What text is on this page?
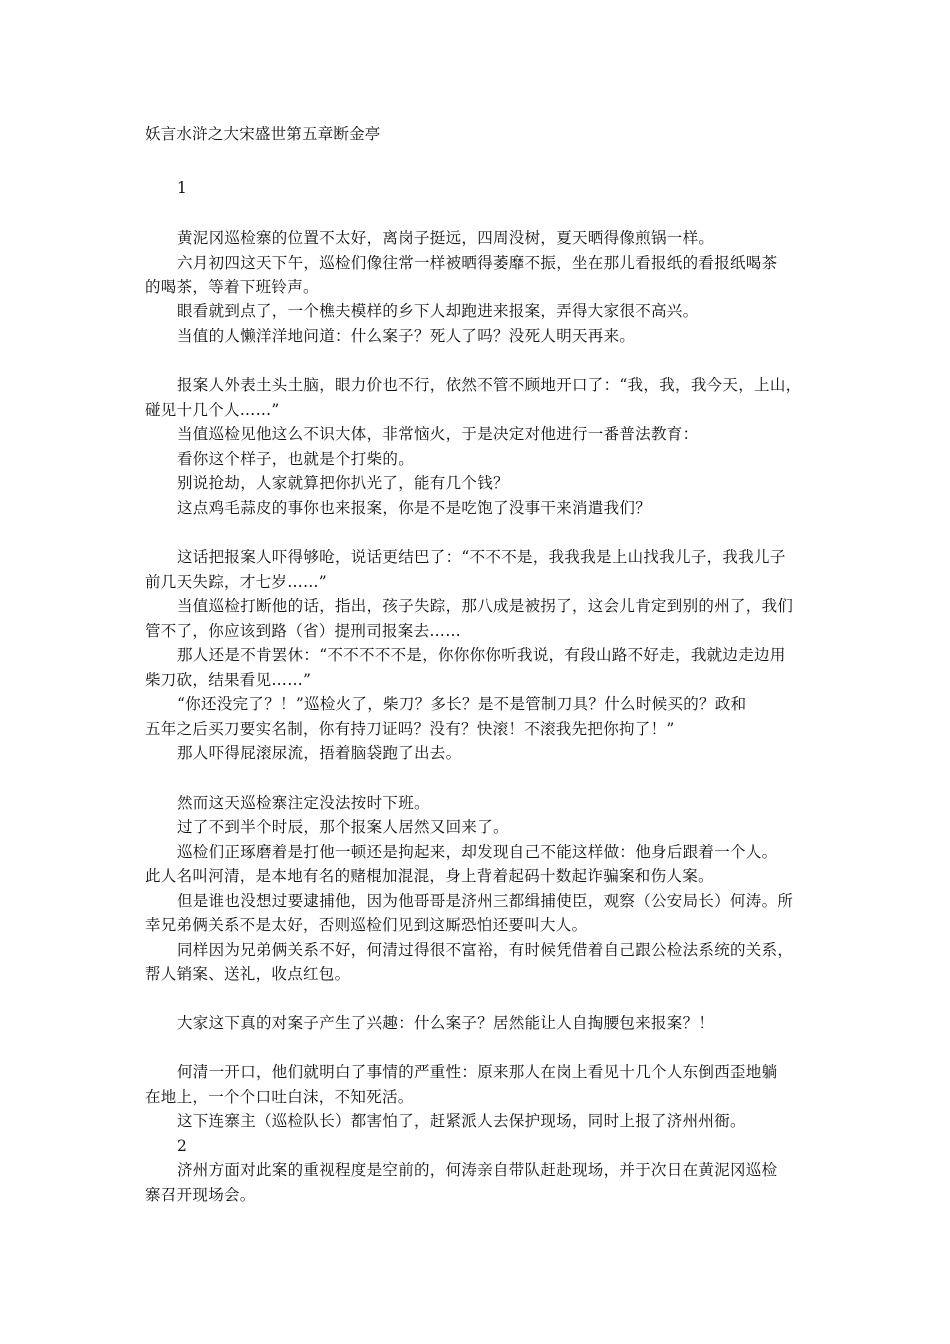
妖言水浒之大宋盛世第五章断金亭
1
黄泥冈巡检寨的位置不太好，离岗子挺远，四周没树，夏天晒得像煎锅一样。
六月初四这天下午，巡检们像往常一样被晒得萎靡不振，坐在那儿看报纸的看报纸喝茶
的喝茶，等着下班铃声。
眼看就到点了，一个樵夫模样的乡下人却跑进来报案，弄得大家很不高兴。
当值的人懒洋洋地问道：什么案子？死人了吗？没死人明天再来。
报案人外表土头土脑，眼力价也不行，依然不管不顾地开口了：“我，我，我今天，上山，
碰见十几个人……”
当值巡检见他这么不识大体，非常恼火，于是决定对他进行一番普法教育：
看你这个样子，也就是个打柴的。
别说抢劫，人家就算把你扒光了，能有几个钱？
这点鸡毛蒜皮的事你也来报案，你是不是吃饱了没事干来消遣我们？
这话把报案人吓得够呛，说话更结巴了：“不不不是，我我我是上山找我儿子，我我儿子
前几天失踪，才七岁……”
当值巡检打断他的话，指出，孩子失踪，那八成是被拐了，这会儿肯定到别的州了，我们
管不了，你应该到路（省）提刑司报案去……
那人还是不肯罢休：“不不不不不是，你你你你听我说，有段山路不好走，我就边走边用
柴刀砍，结果看见……”
“你还没完了？！”巡检火了，柴刀？多长？是不是管制刀具？什么时候买的？政和
五年之后买刀要实名制，你有持刀证吗？没有？快滚！不滚我先把你拘了！”
那人吓得屁滚尿流，捂着脑袋跑了出去。
然而这天巡检寨注定没法按时下班。
过了不到半个时辰，那个报案人居然又回来了。
巡检们正琢磨着是打他一顿还是拘起来，却发现自己不能这样做：他身后跟着一个人。
此人名叫河清，是本地有名的赌棍加混混，身上背着起码十数起诈骗案和伤人案。
但是谁也没想过要逮捕他，因为他哥哥是济州三都缉捕使臣，观察（公安局长）何涛。所
幸兄弟俩关系不是太好，否则巡检们见到这厮恐怕还要叫大人。
同样因为兄弟俩关系不好，何清过得很不富裕，有时候凭借着自己跟公检法系统的关系，
帮人销案、送礼，收点红包。
大家这下真的对案子产生了兴趣：什么案子？居然能让人自掏腰包来报案？！
何清一开口，他们就明白了事情的严重性：原来那人在岗上看见十几个人东倒西歪地躺
在地上，一个个口吐白沫，不知死活。
这下连寨主（巡检队长）都害怕了，赶紧派人去保护现场，同时上报了济州州衙。
2
济州方面对此案的重视程度是空前的，何涛亲自带队赶赴现场，并于次日在黄泥冈巡检
寨召开现场会。
